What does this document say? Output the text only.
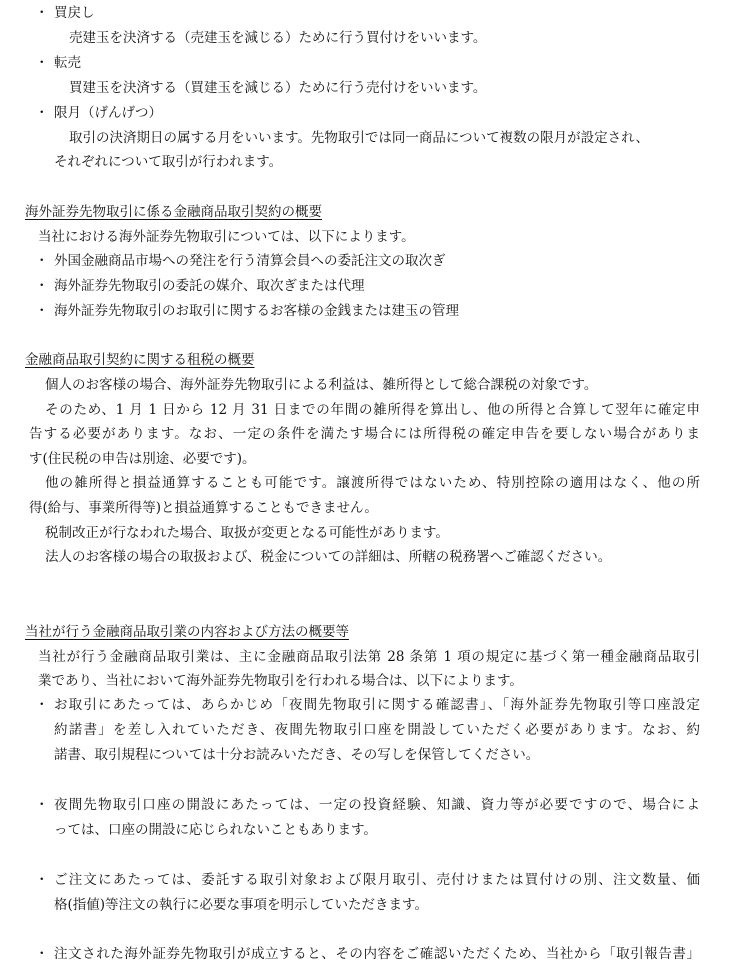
・ 買戻し
売建玉を決済する（売建玉を減じる）ために行う買付けをいいます。
・ 転売
買建玉を決済する（買建玉を減じる）ために行う売付けをいいます。
・ 限月（げんげつ）
取引の決済期日の属する月をいいます。先物取引では同一商品について複数の限月が設定され、
それぞれについて取引が行われます。
海外証券先物取引に係る金融商品取引契約の概要
当社における海外証券先物取引については、以下によります。
・ 外国金融商品市場への発注を行う清算会員への委託注文の取次ぎ
・ 海外証券先物取引の委託の媒介、取次ぎまたは代理
・ 海外証券先物取引のお取引に関するお客様の金銭または建玉の管理
金融商品取引契約に関する租税の概要
個人のお客様の場合、海外証券先物取引による利益は、雑所得として総合課税の対象です。
そのため、1 月 1 日から 12 月 31 日までの年間の雑所得を算出し、他の所得と合算して翌年に確定申
告する必要があります。なお、一定の条件を満たす場合には所得税の確定申告を要しない場合がありま
す(住民税の申告は別途、必要です)。
他の雑所得と損益通算することも可能です。譲渡所得ではないため、特別控除の適用はなく、他の所
得(給与、事業所得等)と損益通算することもできません。
税制改正が行なわれた場合、取扱が変更となる可能性があります。
法人のお客様の場合の取扱および、税金についての詳細は、所轄の税務署へご確認ください。
当社が行う金融商品取引業の内容および方法の概要等
当社が行う金融商品取引業は、主に金融商品取引法第 28 条第 1 項の規定に基づく第一種金融商品取引
業であり、当社において海外証券先物取引を行われる場合は、以下によります。
・ お取引にあたっては、あらかじめ「夜間先物取引に関する確認書」、「海外証券先物取引等口座設定
約諾書」を差し入れていただき、夜間先物取引口座を開設していただく必要があります。なお、約
諾書、取引規程については十分お読みいただき、その写しを保管してください。
・ 夜間先物取引口座の開設にあたっては、一定の投資経験、知識、資力等が必要ですので、場合によ
っては、口座の開設に応じられないこともあります。
・ ご注文にあたっては、委託する取引対象および限月取引、売付けまたは買付けの別、注文数量、価
格(指値)等注文の執行に必要な事項を明示していただきます。
・ 注文された海外証券先物取引が成立すると、その内容をご確認いただくため、当社から「取引報告書」
